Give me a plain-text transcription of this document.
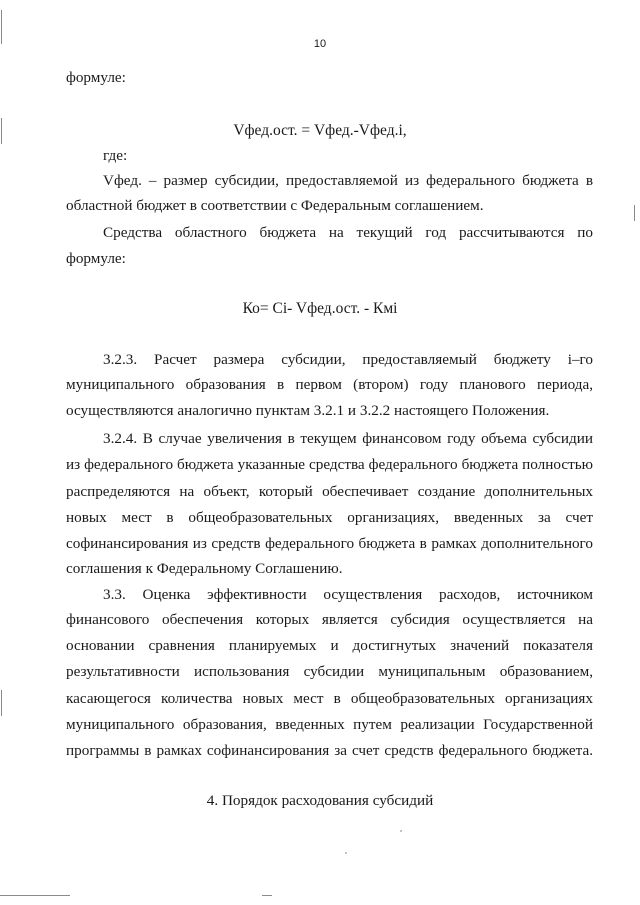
10
формуле:
Vфед.ост. = Vфед.-Vфед.i,
где:
Vфед. – размер субсидии, предоставляемой из федерального бюджета в
областной бюджет в соответствии с Федеральным соглашением.
Средства областного бюджета на текущий год рассчитываются по
формуле:
Ко= Сi- Vфед.ост. - Кмi
3.2.3. Расчет размера субсидии, предоставляемый бюджету i–го
муниципального образования в первом (втором) году планового периода,
осуществляются аналогично пунктам 3.2.1 и 3.2.2 настоящего Положения.
3.2.4. В случае увеличения в текущем финансовом году объема субсидии
из федерального бюджета указанные средства федерального бюджета полностью
распределяются на объект, который обеспечивает создание дополнительных
новых мест в общеобразовательных организациях, введенных за счет
софинансирования из средств федерального бюджета в рамках дополнительного
соглашения к Федеральному Соглашению.
3.3. Оценка эффективности осуществления расходов, источником
финансового обеспечения которых является субсидия осуществляется на
основании сравнения планируемых и достигнутых значений показателя
результативности использования субсидии муниципальным образованием,
касающегося количества новых мест в общеобразовательных организациях
муниципального образования, введенных путем реализации Государственной
программы в рамках софинансирования за счет средств федерального бюджета.
4. Порядок расходования субсидий
